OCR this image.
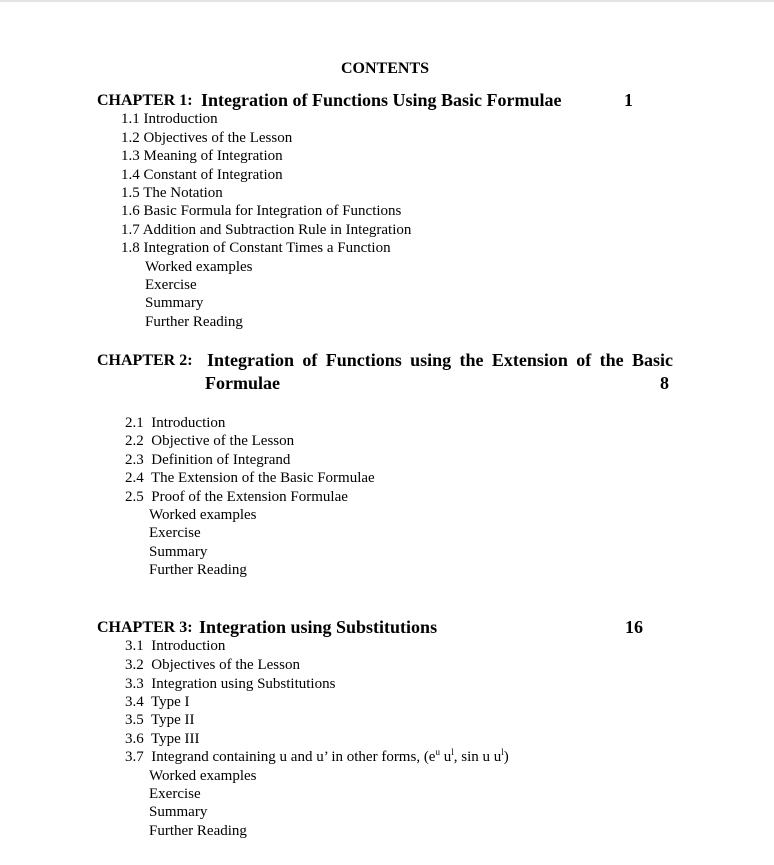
CONTENTS
CHAPTER 1: Integration of Functions Using Basic Formulae	1
1.1 Introduction
1.2 Objectives of the Lesson
1.3 Meaning of Integration
1.4 Constant of Integration
1.5 The Notation
1.6 Basic Formula for Integration of Functions
1.7 Addition and Subtraction Rule in Integration
1.8 Integration of Constant Times a Function
Worked examples
Exercise
Summary
Further Reading
CHAPTER 2: Integration of Functions using the Extension of the Basic
Formulae	8
2.1 Introduction
2.2 Objective of the Lesson
2.3 Definition of Integrand
2.4 The Extension of the Basic Formulae
2.5 Proof of the Extension Formulae
Worked examples
Exercise
Summary
Further Reading
CHAPTER 3: Integration using Substitutions	16
3.1 Introduction
3.2 Objectives of the Lesson
3.3 Integration using Substitutions
3.4 Type I
3.5 Type II
3.6 Type III
3.7 Integrand containing u and u’ in other forms, ($e^u$ $u^l$, sin u $u^l$)
Worked examples
Exercise
Summary
Further Reading
